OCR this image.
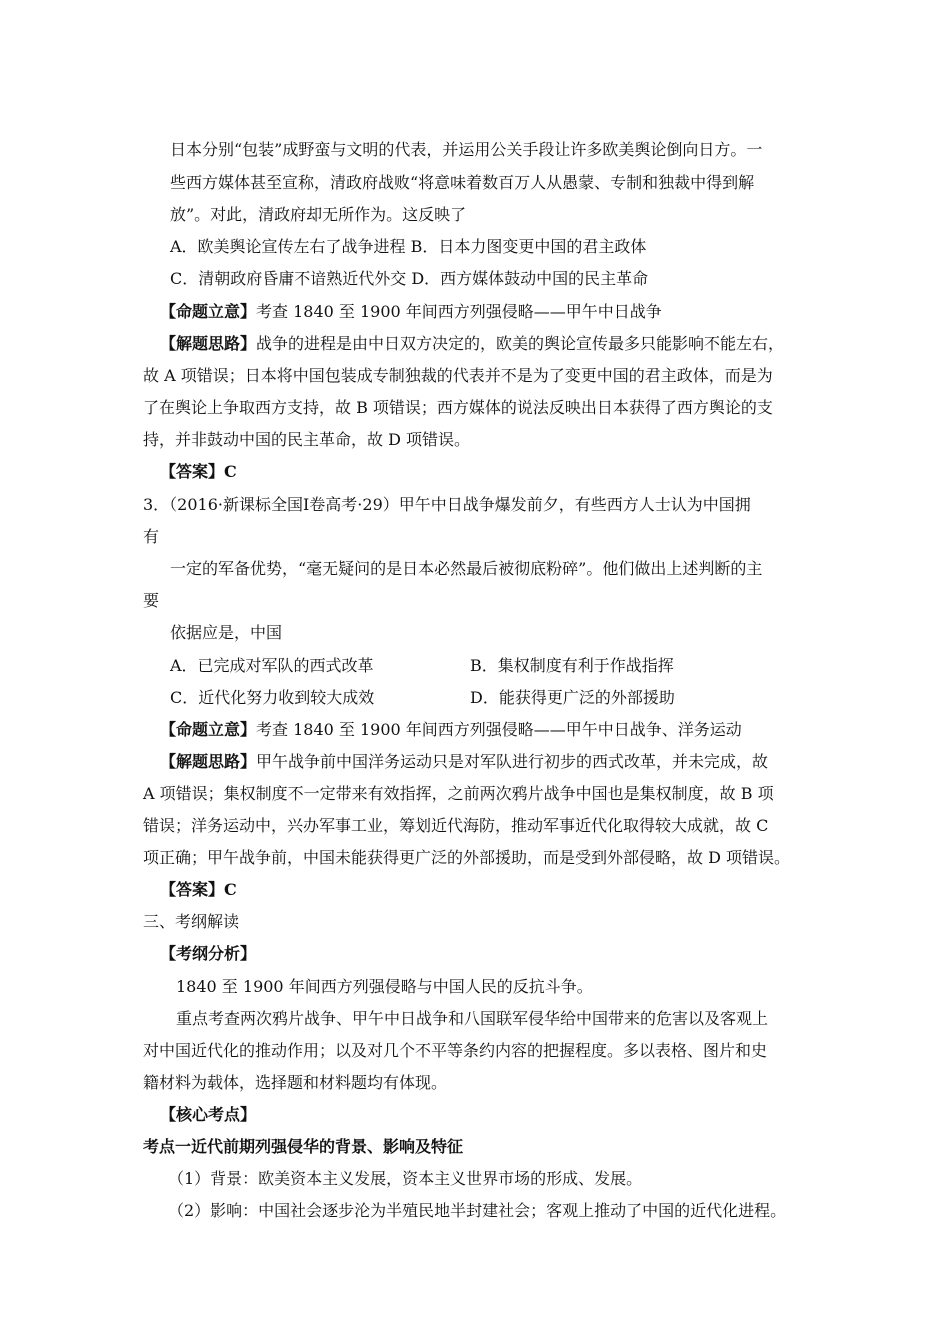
日本分别“包装”成野蛮与文明的代表，并运用公关手段让许多欧美舆论倒向日方。一
些西方媒体甚至宣称，清政府战败“将意味着数百万人从愚蒙、专制和独裁中得到解
放”。对此，清政府却无所作为。这反映了
A．欧美舆论宣传左右了战争进程 B．日本力图变更中国的君主政体
C．清朝政府昏庸不谙熟近代外交 D．西方媒体鼓动中国的民主革命
【命题立意】考查 1840 至 1900 年间西方列强侵略——甲午中日战争
【解题思路】战争的进程是由中日双方决定的，欧美的舆论宣传最多只能影响不能左右，
故 A 项错误；日本将中国包装成专制独裁的代表并不是为了变更中国的君主政体，而是为
了在舆论上争取西方支持，故 B 项错误；西方媒体的说法反映出日本获得了西方舆论的支
持，并非鼓动中国的民主革命，故 D 项错误。
【答案】C
3．（2016·新课标全国Ⅰ卷高考·29）甲午中日战争爆发前夕，有些西方人士认为中国拥
有
一定的军备优势，“毫无疑问的是日本必然最后被彻底粉碎”。他们做出上述判断的主
要
依据应是，中国
A．已完成对军队的西式改革	B．集权制度有利于作战指挥
C．近代化努力收到较大成效	D．能获得更广泛的外部援助
【命题立意】考查 1840 至 1900 年间西方列强侵略——甲午中日战争、洋务运动
【解题思路】甲午战争前中国洋务运动只是对军队进行初步的西式改革，并未完成，故
A 项错误；集权制度不一定带来有效指挥，之前两次鸦片战争中国也是集权制度，故 B 项
错误；洋务运动中，兴办军事工业，筹划近代海防，推动军事近代化取得较大成就，故 C
项正确；甲午战争前，中国未能获得更广泛的外部援助，而是受到外部侵略，故 D 项错误。
【答案】C
三、考纲解读
【考纲分析】
1840 至 1900 年间西方列强侵略与中国人民的反抗斗争。
重点考查两次鸦片战争、甲午中日战争和八国联军侵华给中国带来的危害以及客观上
对中国近代化的推动作用；以及对几个不平等条约内容的把握程度。多以表格、图片和史
籍材料为载体，选择题和材料题均有体现。
【核心考点】
考点一近代前期列强侵华的背景、影响及特征
（1）背景：欧美资本主义发展，资本主义世界市场的形成、发展。
（2）影响：中国社会逐步沦为半殖民地半封建社会；客观上推动了中国的近代化进程。
